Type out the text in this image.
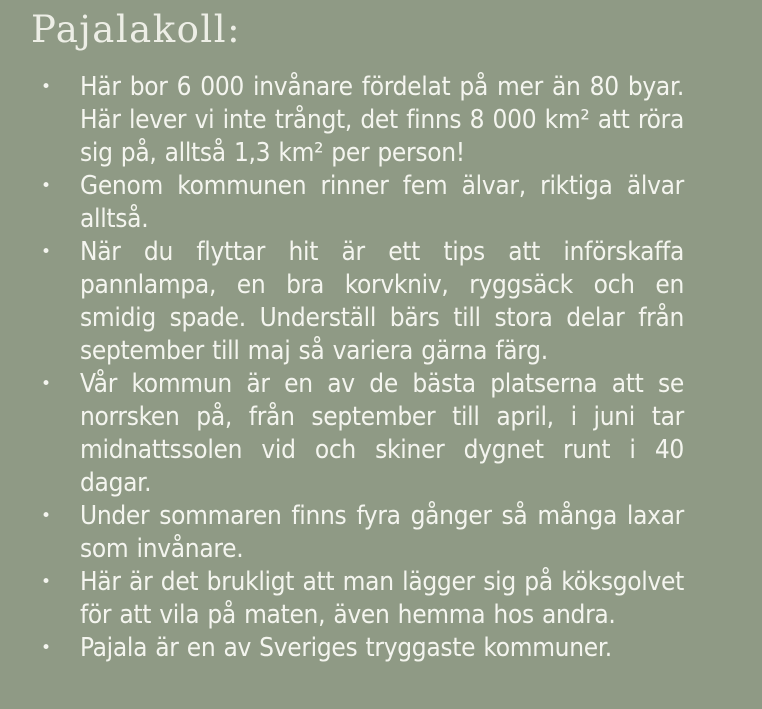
Pajalakoll:
•	Här bor 6 000 invånare fördelat på mer än 80 byar. Här lever vi inte trångt, det finns 8 000 km² att röra sig på, alltså 1,3 km² per person!
•	Genom kommunen rinner fem älvar, riktiga älvar alltså.
•	När du flyttar hit är ett tips att införskaffa pannlampa, en bra korvkniv, ryggsäck och en smidig spade. Underställ bärs till stora delar från september till maj så variera gärna färg.
•	Vår kommun är en av de bästa platserna att se norrsken på, från september till april, i juni tar midnattssolen vid och skiner dygnet runt i 40 dagar.
•	Under sommaren finns fyra gånger så många laxar som invånare.
•	Här är det brukligt att man lägger sig på köksgolvet för att vila på maten, även hemma hos andra.
•	Pajala är en av Sveriges tryggaste kommuner.
